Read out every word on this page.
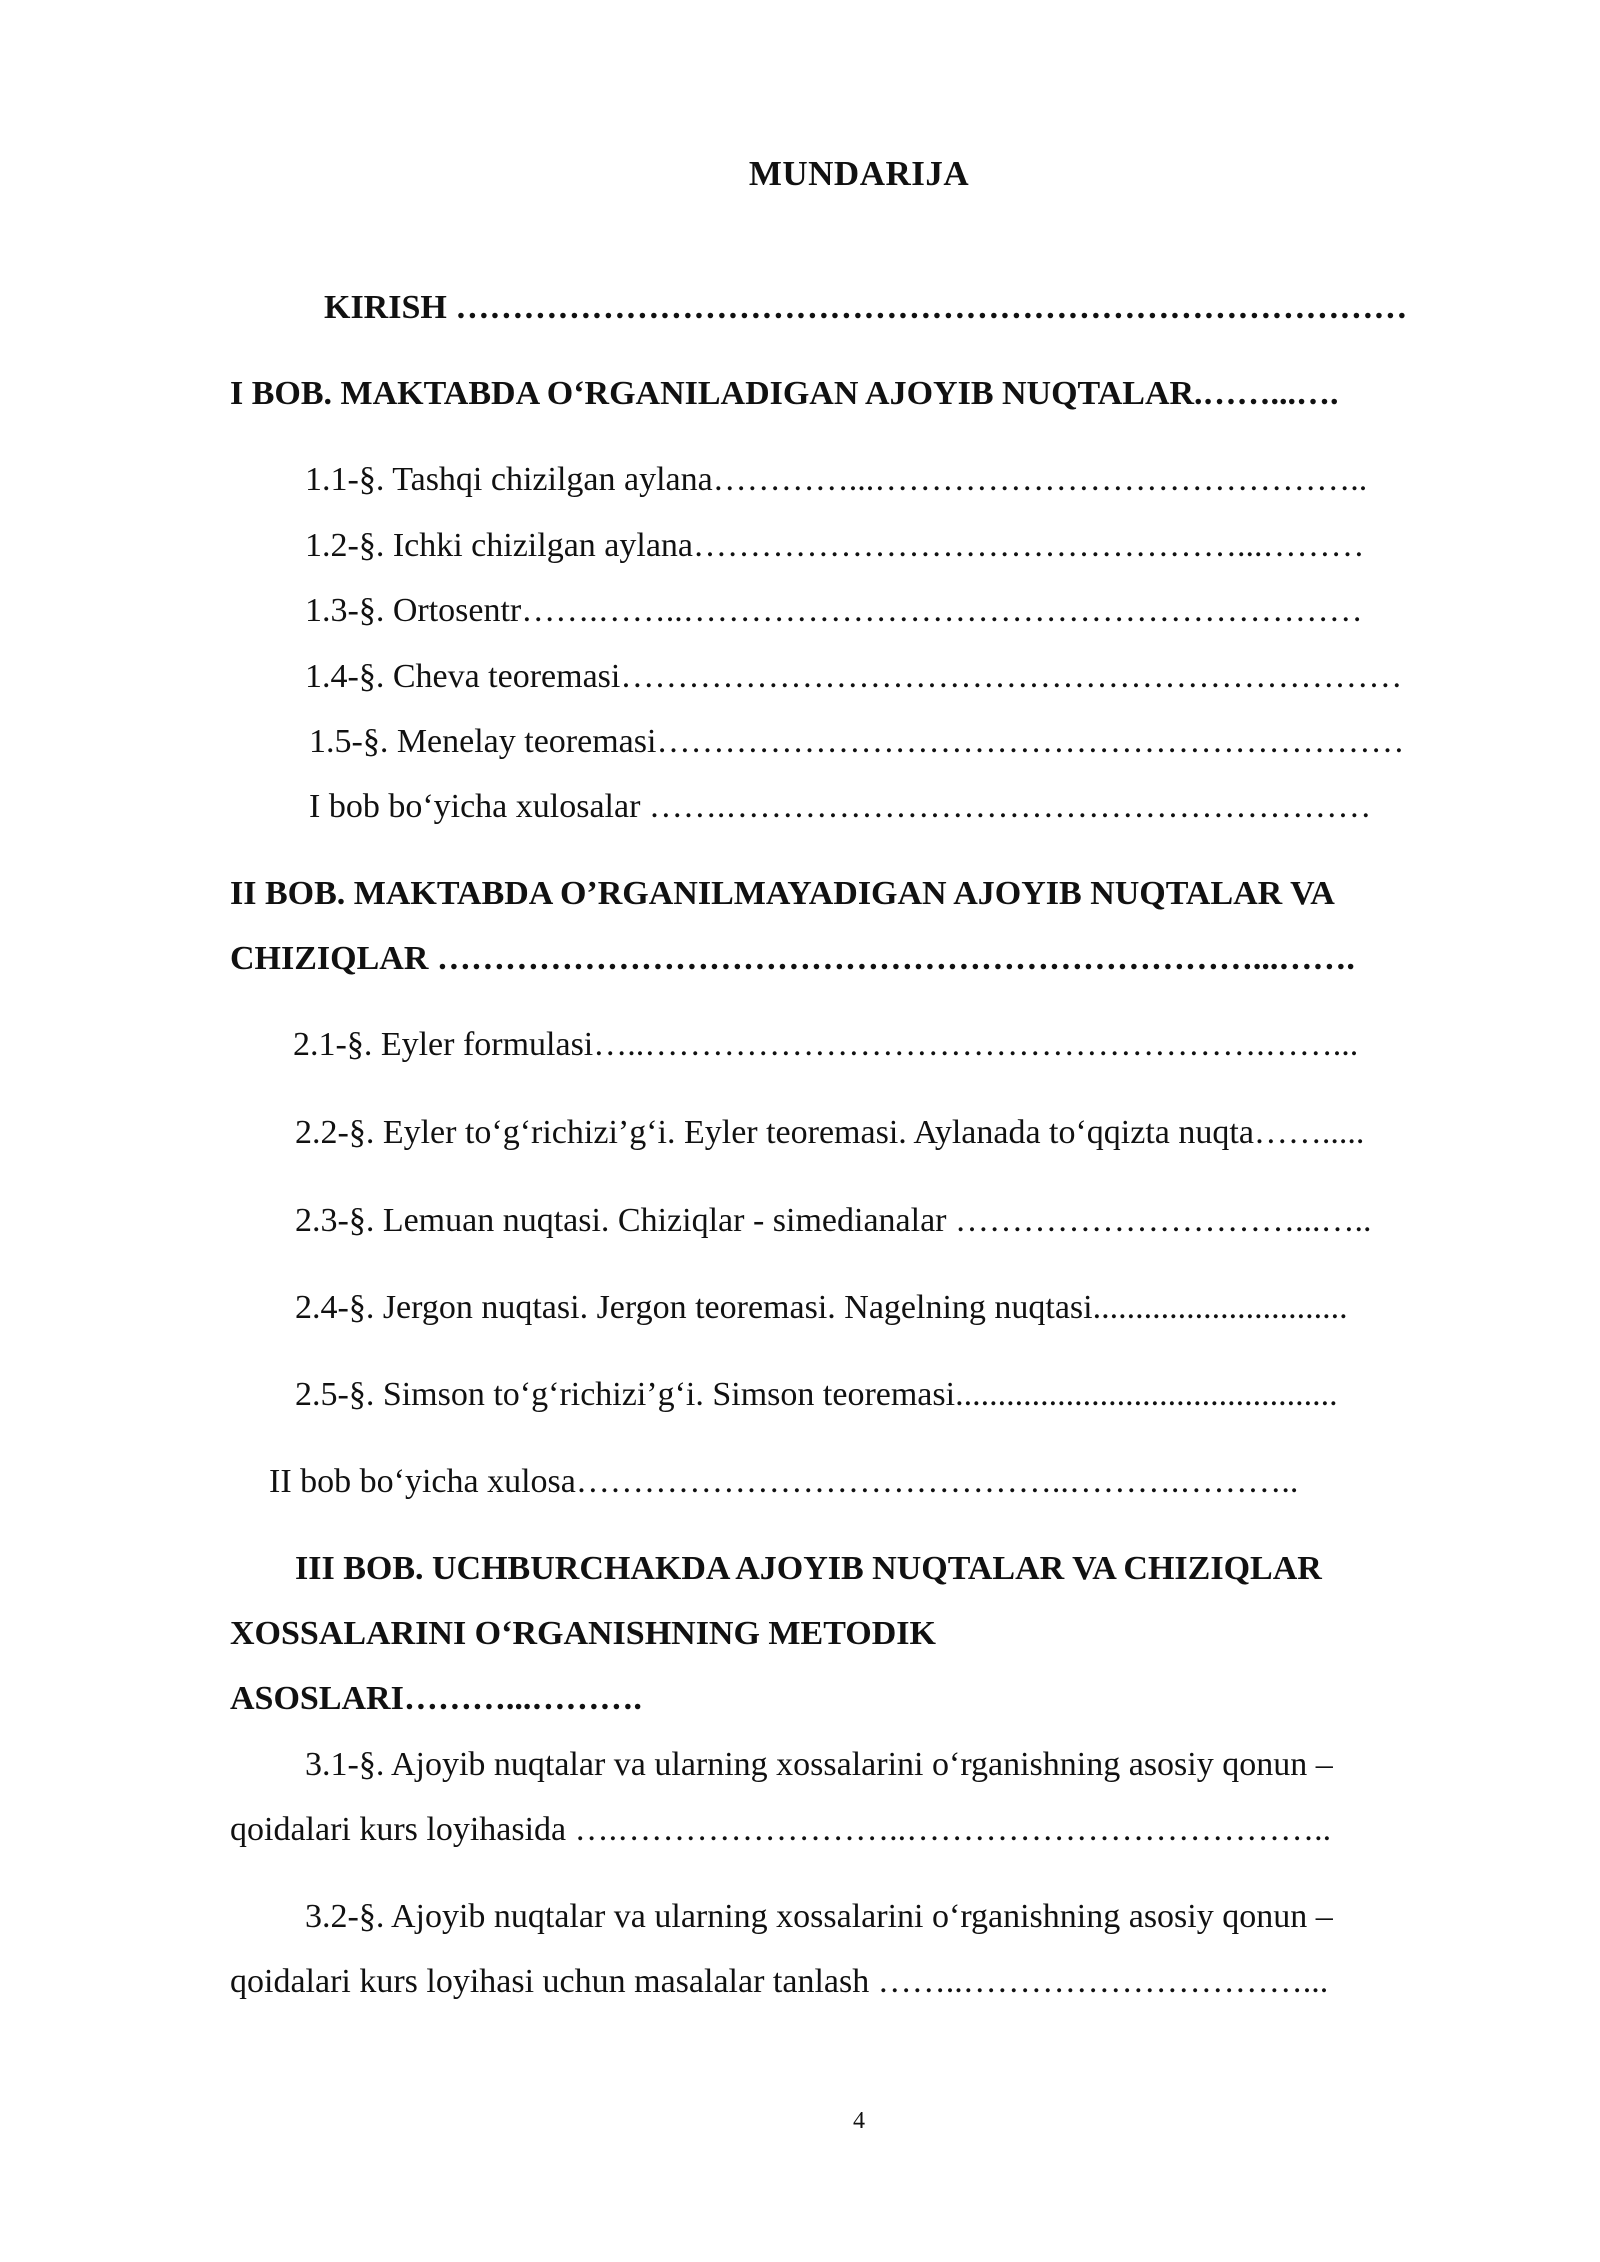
MUNDARIJA
KIRISH …………………………………………………………………………
I BOB. MAKTABDA O‘RGANILADIGAN AJOYIB NUQTALAR.……...….
1.1-§. Tashqi chizilgan aylana…………...……………………………………..
1.2-§. Ichki chizilgan aylana…………………………………………...………
1.3-§. Ortosentr…….……..……………………………………………………
1.4-§. Cheva teoremasi……………………………………………………………
1.5-§. Menelay teoremasi…………………………………………………………
I bob bo‘yicha xulosalar …….…………………………………………………
II BOB. MAKTABDA O’RGANILMAYADIGAN AJOYIB NUQTALAR VA
CHIZIQLAR ………………………………………………………………...…….
2.1-§. Eyler formulasi…..……………………………………………….……...
2.2-§. Eyler to‘g‘richizi’g‘i. Eyler teoremasi. Aylanada to‘qqizta nuqta…….....
2.3-§. Lemuan nuqtasi. Chiziqlar - simedianalar …………………………...…..
2.4-§. Jergon nuqtasi. Jergon teoremasi. Nagelning nuqtasi..............................
2.5-§. Simson to‘g‘richizi’g‘i. Simson teoremasi.............................................
II bob bo‘yicha xulosa……………………………………..……….………..
III BOB. UCHBURCHAKDA AJOYIB NUQTALAR VA CHIZIQLAR
XOSSALARINI O‘RGANISHNING METODIK
ASOSLARI………...……….
3.1-§. Ajoyib nuqtalar va ularning xossalarini o‘rganishning asosiy qonun –
qoidalari kurs loyihasida ….……………………..………………………………..
3.2-§. Ajoyib nuqtalar va ularning xossalarini o‘rganishning asosiy qonun –
qoidalari kurs loyihasi uchun masalalar tanlash ……..…………………………...
4
